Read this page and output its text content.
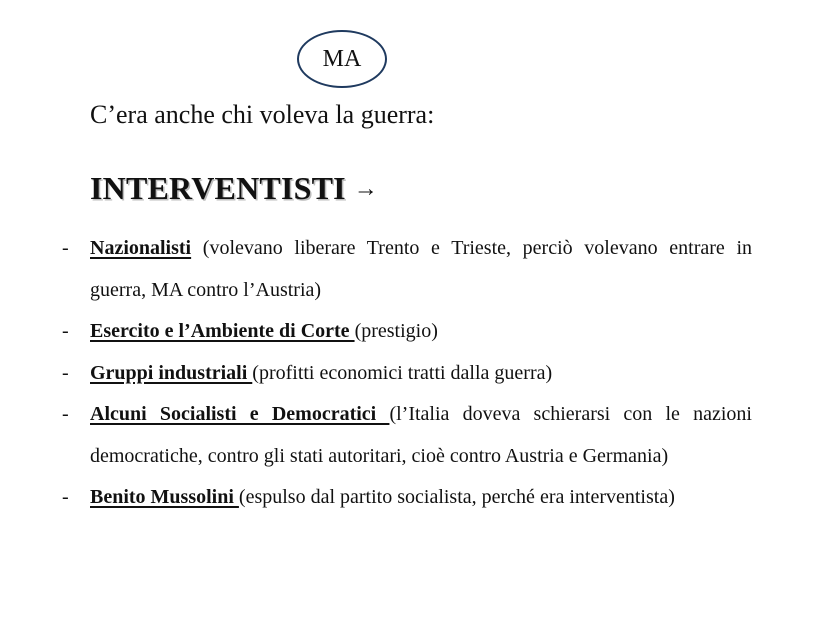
MA
C’era anche chi voleva la guerra:
INTERVENTISTI →
- Nazionalisti (volevano liberare Trento e Trieste, perciò volevano entrare in guerra, MA contro l’Austria)
- Esercito e l’Ambiente di Corte (prestigio)
- Gruppi industriali (profitti economici tratti dalla guerra)
- Alcuni Socialisti e Democratici (l’Italia doveva schierarsi con le nazioni democratiche, contro gli stati autoritari, cioè contro Austria e Germania)
- Benito Mussolini (espulso dal partito socialista, perché era interventista)
